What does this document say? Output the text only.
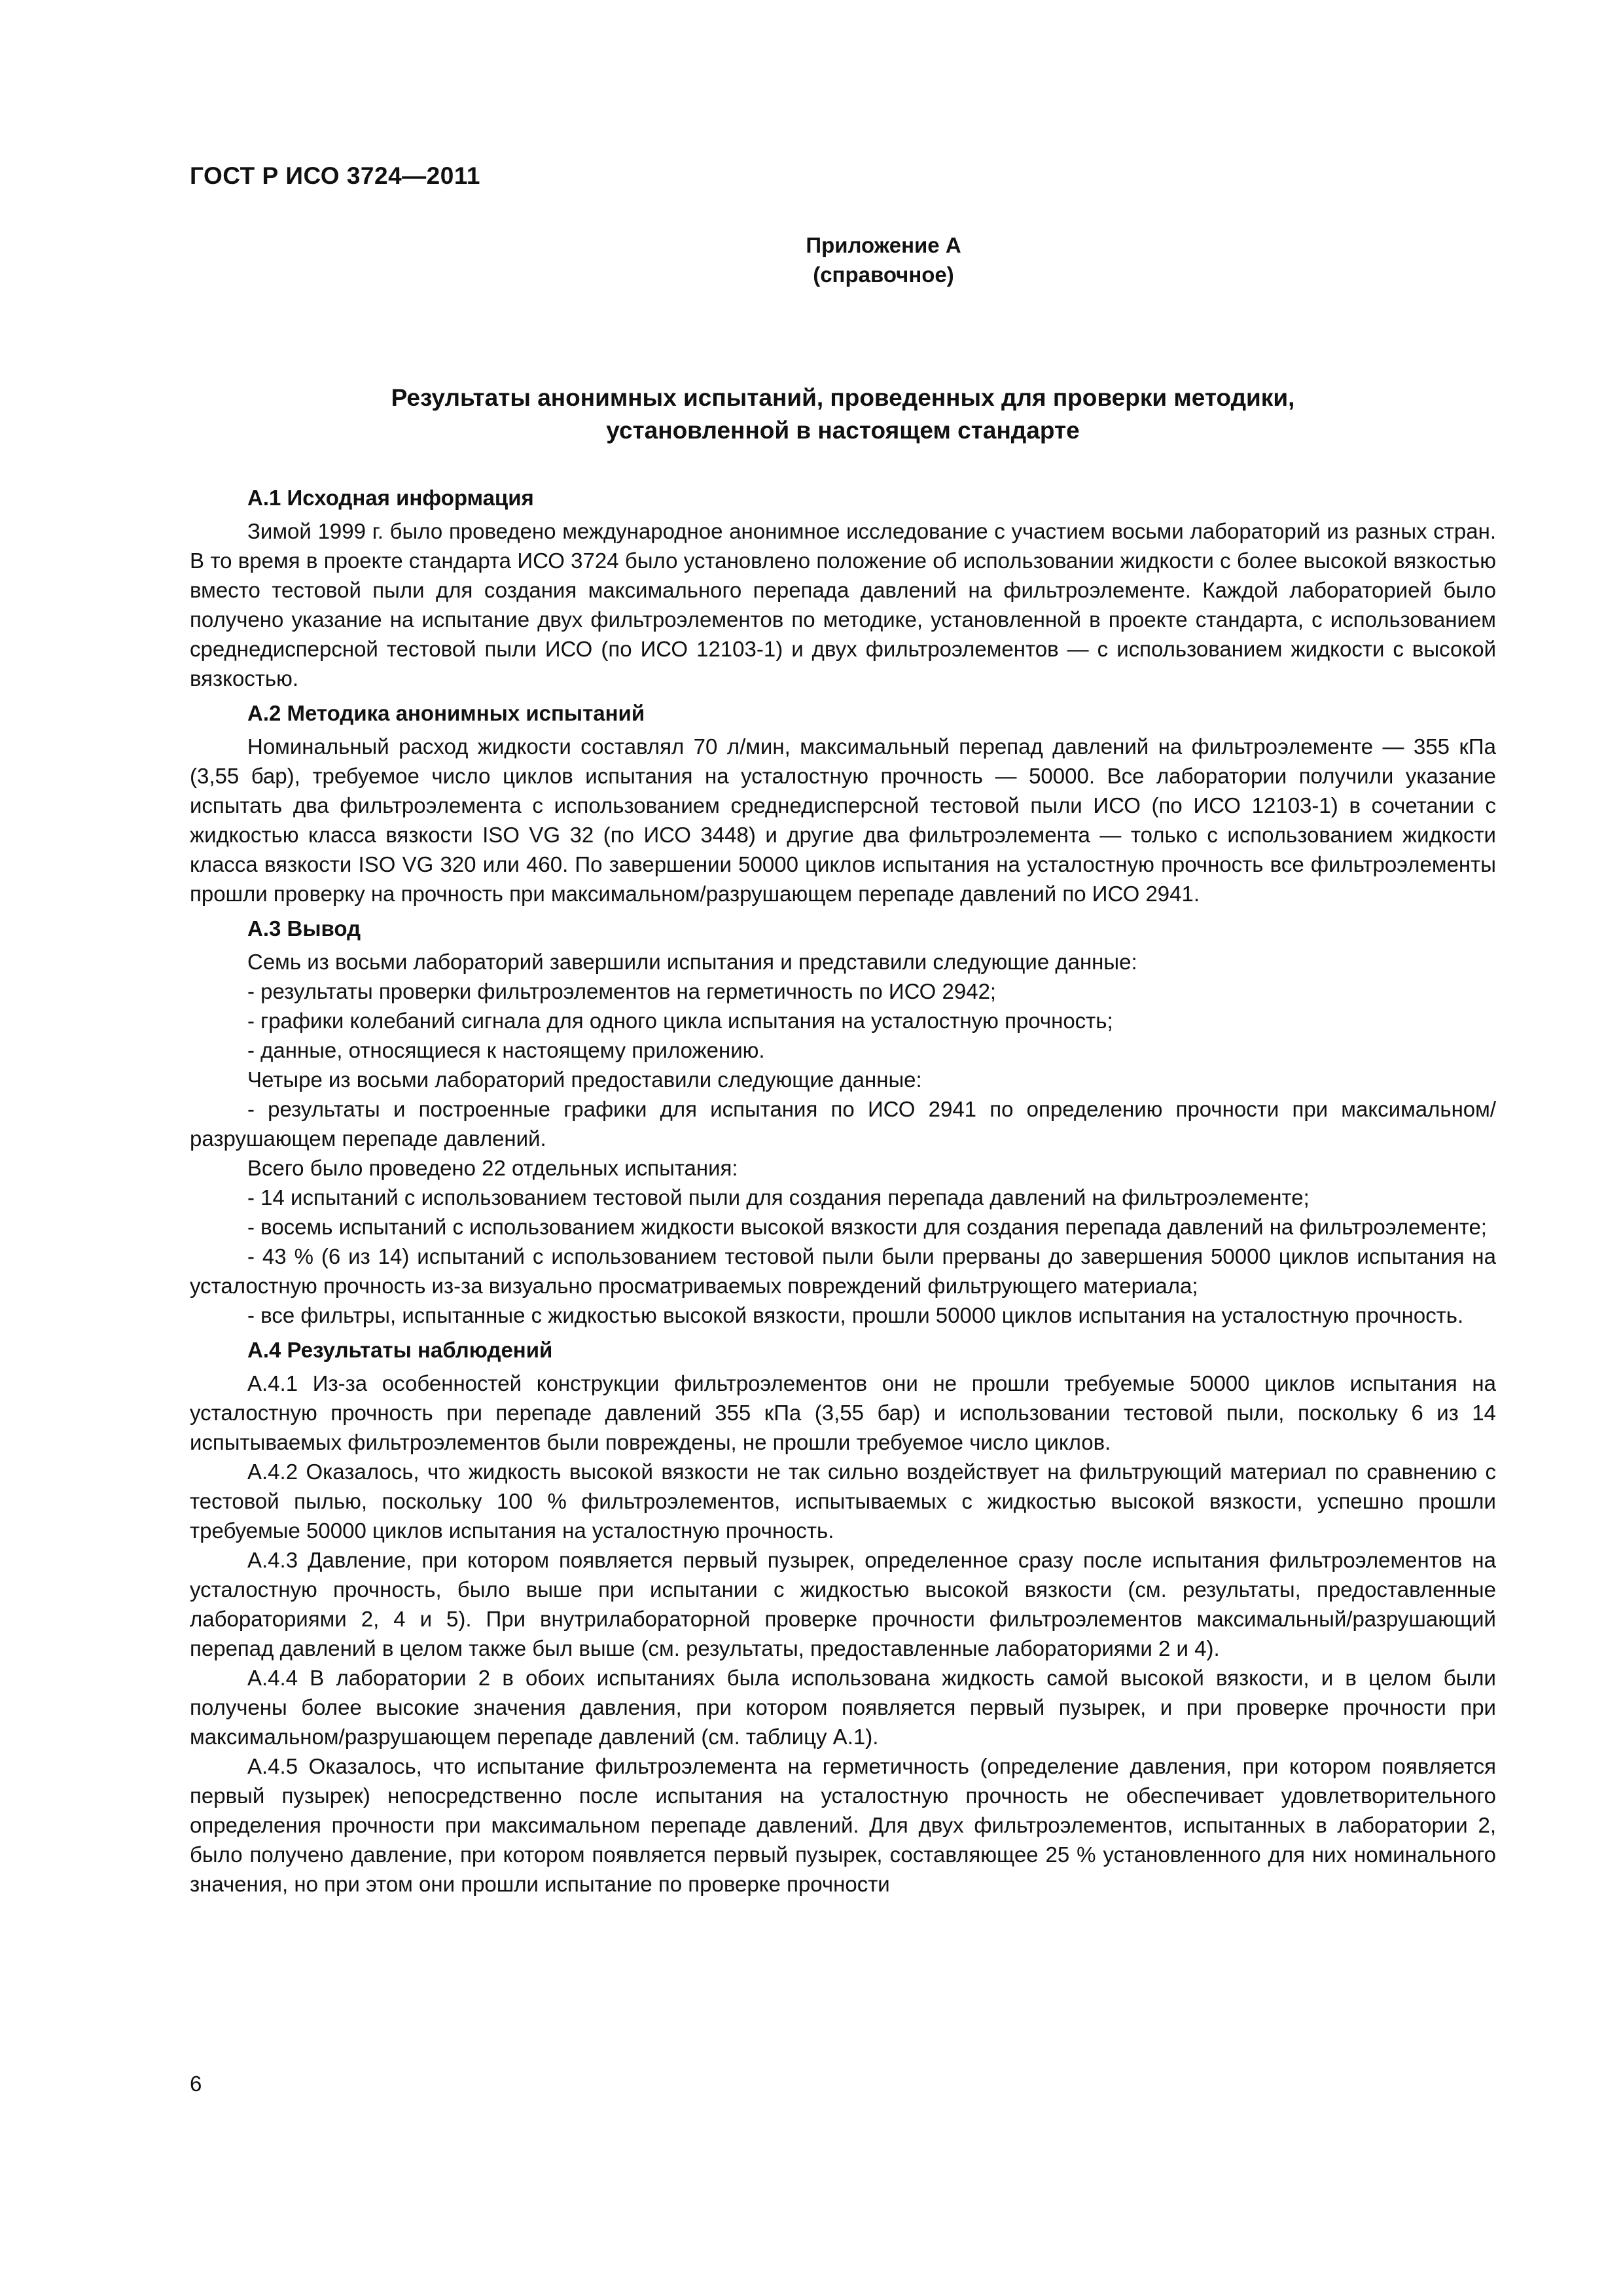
ГОСТ Р ИСО 3724—2011
Приложение А
(справочное)
Результаты анонимных испытаний, проведенных для проверки методики,
установленной в настоящем стандарте
А.1 Исходная информация

Зимой 1999 г. было проведено международное анонимное исследование с участием восьми лабораторий из разных стран. В то время в проекте стандарта ИСО 3724 было установлено положение об использовании жидкости с более высокой вязкостью вместо тестовой пыли для создания максимального перепада давлений на фильтроэлементе. Каждой лабораторией было получено указание на испытание двух фильтроэлементов по методике, установленной в проекте стандарта, с использованием среднедисперсной тестовой пыли ИСО (по ИСО 12103-1) и двух фильтроэлементов — с использованием жидкости с высокой вязкостью.

А.2 Методика анонимных испытаний

Номинальный расход жидкости составлял 70 л/мин, максимальный перепад давлений на фильтроэлементе — 355 кПа (3,55 бар), требуемое число циклов испытания на усталостную прочность — 50000. Все лаборатории получили указание испытать два фильтроэлемента с использованием среднедисперсной тестовой пыли ИСО (по ИСО 12103-1) в сочетании с жидкостью класса вязкости ISO VG 32 (по ИСО 3448) и другие два фильтроэлемента — только с использованием жидкости класса вязкости ISO VG 320 или 460. По завершении 50000 циклов испытания на усталостную прочность все фильтроэлементы прошли проверку на прочность при максимальном/разрушающем перепаде давлений по ИСО 2941.

А.3 Вывод

Семь из восьми лабораторий завершили испытания и представили следующие данные:

- результаты проверки фильтроэлементов на герметичность по ИСО 2942;

- графики колебаний сигнала для одного цикла испытания на усталостную прочность;

- данные, относящиеся к настоящему приложению.

Четыре из восьми лабораторий предоставили следующие данные:

- результаты и построенные графики для испытания по ИСО 2941 по определению прочности при максимальном/разрушающем перепаде давлений.

Всего было проведено 22 отдельных испытания:

- 14 испытаний с использованием тестовой пыли для создания перепада давлений на фильтроэлементе;

- восемь испытаний с использованием жидкости высокой вязкости для создания перепада давлений на фильтроэлементе;

- 43 % (6 из 14) испытаний с использованием тестовой пыли были прерваны до завершения 50000 циклов испытания на усталостную прочность из-за визуально просматриваемых повреждений фильтрующего материала;

- все фильтры, испытанные с жидкостью высокой вязкости, прошли 50000 циклов испытания на усталостную прочность.

А.4 Результаты наблюдений

А.4.1 Из-за особенностей конструкции фильтроэлементов они не прошли требуемые 50000 циклов испытания на усталостную прочность при перепаде давлений 355 кПа (3,55 бар) и использовании тестовой пыли, поскольку 6 из 14 испытываемых фильтроэлементов были повреждены, не прошли требуемое число циклов.

А.4.2 Оказалось, что жидкость высокой вязкости не так сильно воздействует на фильтрующий материал по сравнению с тестовой пылью, поскольку 100 % фильтроэлементов, испытываемых с жидкостью высокой вязкости, успешно прошли требуемые 50000 циклов испытания на усталостную прочность.

А.4.3 Давление, при котором появляется первый пузырек, определенное сразу после испытания фильтроэлементов на усталостную прочность, было выше при испытании с жидкостью высокой вязкости (см. результаты, предоставленные лабораториями 2, 4 и 5). При внутрилабораторной проверке прочности фильтроэлементов максимальный/разрушающий перепад давлений в целом также был выше (см. результаты, предоставленные лабораториями 2 и 4).

А.4.4 В лаборатории 2 в обоих испытаниях была использована жидкость самой высокой вязкости, и в целом были получены более высокие значения давления, при котором появляется первый пузырек, и при проверке прочности при максимальном/разрушающем перепаде давлений (см. таблицу А.1).

А.4.5 Оказалось, что испытание фильтроэлемента на герметичность (определение давления, при котором появляется первый пузырек) непосредственно после испытания на усталостную прочность не обеспечивает удовлетворительного определения прочности при максимальном перепаде давлений. Для двух фильтроэлементов, испытанных в лаборатории 2, было получено давление, при котором появляется первый пузырек, составляющее 25 % установленного для них номинального значения, но при этом они прошли испытание по проверке прочности

6
